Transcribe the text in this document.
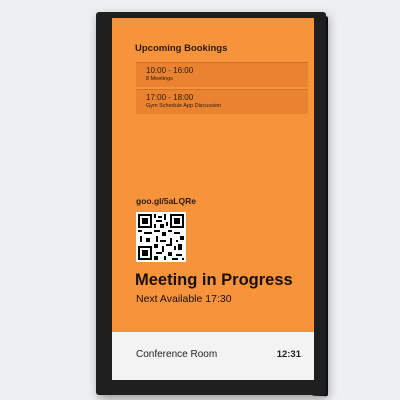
Upcoming Bookings
10:00 - 16:00
8 Meetings
17:00 - 18:00
Gym Schedule App Discussion
goo.gl/5aLQRe
Meeting in Progress
Next Available 17:30
Conference Room	12:31
